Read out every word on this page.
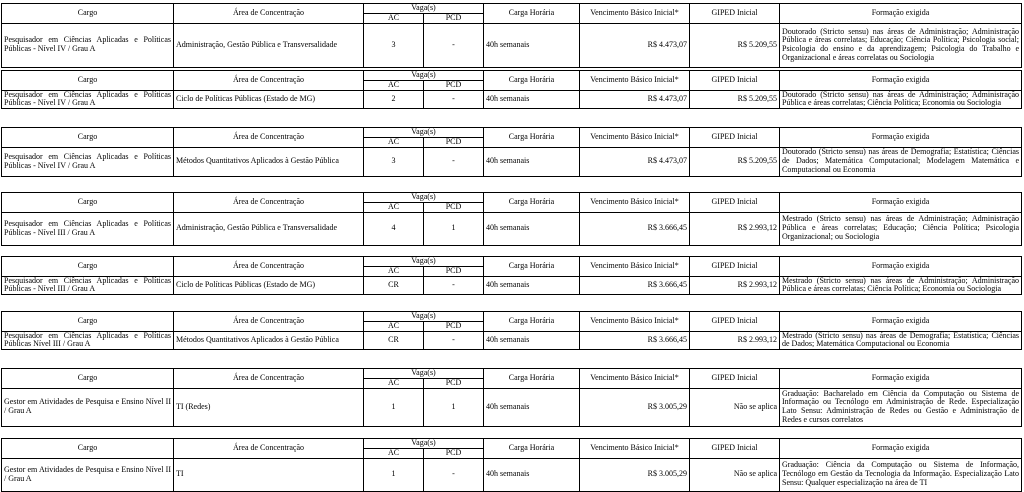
Cargo	Área de Concentração	Vaga(s)		Carga Horária	Vencimento Básico Inicial*	GIPED Inicial	Formação exigida
		AC	PCD				
Pesquisador em Ciências Aplicadas e Políticas Públicas - Nível IV / Grau A	Administração, Gestão Pública e Transversalidade	3	-	40h semanais	R$ 4.473,07	R$ 5.209,55	Doutorado (Stricto sensu) nas áreas de Administração; Administração Pública e áreas correlatas; Educação; Ciência Política; Psicologia social; Psicologia do ensino e da aprendizagem; Psicologia do Trabalho e Organizacional e áreas correlatas ou Sociologia
Cargo	Área de Concentração	Vaga(s)		Carga Horária	Vencimento Básico Inicial*	GIPED Inicial	Formação exigida
		AC	PCD				
Pesquisador em Ciências Aplicadas e Políticas Públicas - Nível IV / Grau A	Ciclo de Políticas Públicas (Estado de MG)	2	-	40h semanais	R$ 4.473,07	R$ 5.209,55	Doutorado (Stricto sensu) nas áreas de Administração; Administração Pública e áreas correlatas; Ciência Política; Economia ou Sociologia
Cargo	Área de Concentração	Vaga(s)		Carga Horária	Vencimento Básico Inicial*	GIPED Inicial	Formação exigida
		AC	PCD				
Pesquisador em Ciências Aplicadas e Políticas Públicas - Nível IV / Grau A	Métodos Quantitativos Aplicados à Gestão Pública	3	-	40h semanais	R$ 4.473,07	R$ 5.209,55	Doutorado (Stricto sensu) nas áreas de Demografia; Estatística; Ciências de Dados; Matemática Computacional; Modelagem Matemática e Computacional ou Economia
Cargo	Área de Concentração	Vaga(s)		Carga Horária	Vencimento Básico Inicial*	GIPED Inicial	Formação exigida
		AC	PCD				
Pesquisador em Ciências Aplicadas e Políticas Públicas - Nível III / Grau A	Administração, Gestão Pública e Transversalidade	4	1	40h semanais	R$ 3.666,45	R$ 2.993,12	Mestrado (Stricto sensu) nas áreas de Administração; Administração Pública e áreas correlatas; Educação; Ciência Política; Psicologia Organizacional; ou Sociologia
Cargo	Área de Concentração	Vaga(s)		Carga Horária	Vencimento Básico Inicial*	GIPED Inicial	Formação exigida
		AC	PCD				
Pesquisador em Ciências Aplicadas e Políticas Públicas - Nível III / Grau A	Ciclo de Políticas Públicas (Estado de MG)	CR	-	40h semanais	R$ 3.666,45	R$ 2.993,12	Mestrado (Stricto sensu) nas áreas de Administração; Administração Pública e áreas correlatas; Ciência Política; Economia ou Sociologia
Cargo	Área de Concentração	Vaga(s)		Carga Horária	Vencimento Básico Inicial*	GIPED Inicial	Formação exigida
		AC	PCD				
Pesquisador em Ciências Aplicadas e Políticas Públicas Nível III / Grau A	Métodos Quantitativos Aplicados à Gestão Pública	CR	-	40h semanais	R$ 3.666,45	R$ 2.993,12	Mestrado (Stricto sensu) nas áreas de Demografia; Estatística; Ciências de Dados; Matemática Computacional ou Economia
Cargo	Área de Concentração	Vaga(s)		Carga Horária	Vencimento Básico Inicial*	GIPED Inicial	Formação exigida
		AC	PCD				
Gestor em Atividades de Pesquisa e Ensino Nível II / Grau A	TI (Redes)	1	1	40h semanais	R$ 3.005,29	Não se aplica	Graduação: Bacharelado em Ciência da Computação ou Sistema de Informação ou Tecnólogo em Administração de Rede. Especialização Lato Sensu: Administração de Redes ou Gestão e Administração de Redes e cursos correlatos
Cargo	Área de Concentração	Vaga(s)		Carga Horária	Vencimento Básico Inicial*	GIPED Inicial	Formação exigida
		AC	PCD				
Gestor em Atividades de Pesquisa e Ensino Nível II / Grau A	TI	1	-	40h semanais	R$ 3.005,29	Não se aplica	Graduação: Ciência da Computação ou Sistema de Informação, Tecnólogo em Gestão da Tecnologia da Informação. Especialização Lato Sensu: Qualquer especialização na área de TI
